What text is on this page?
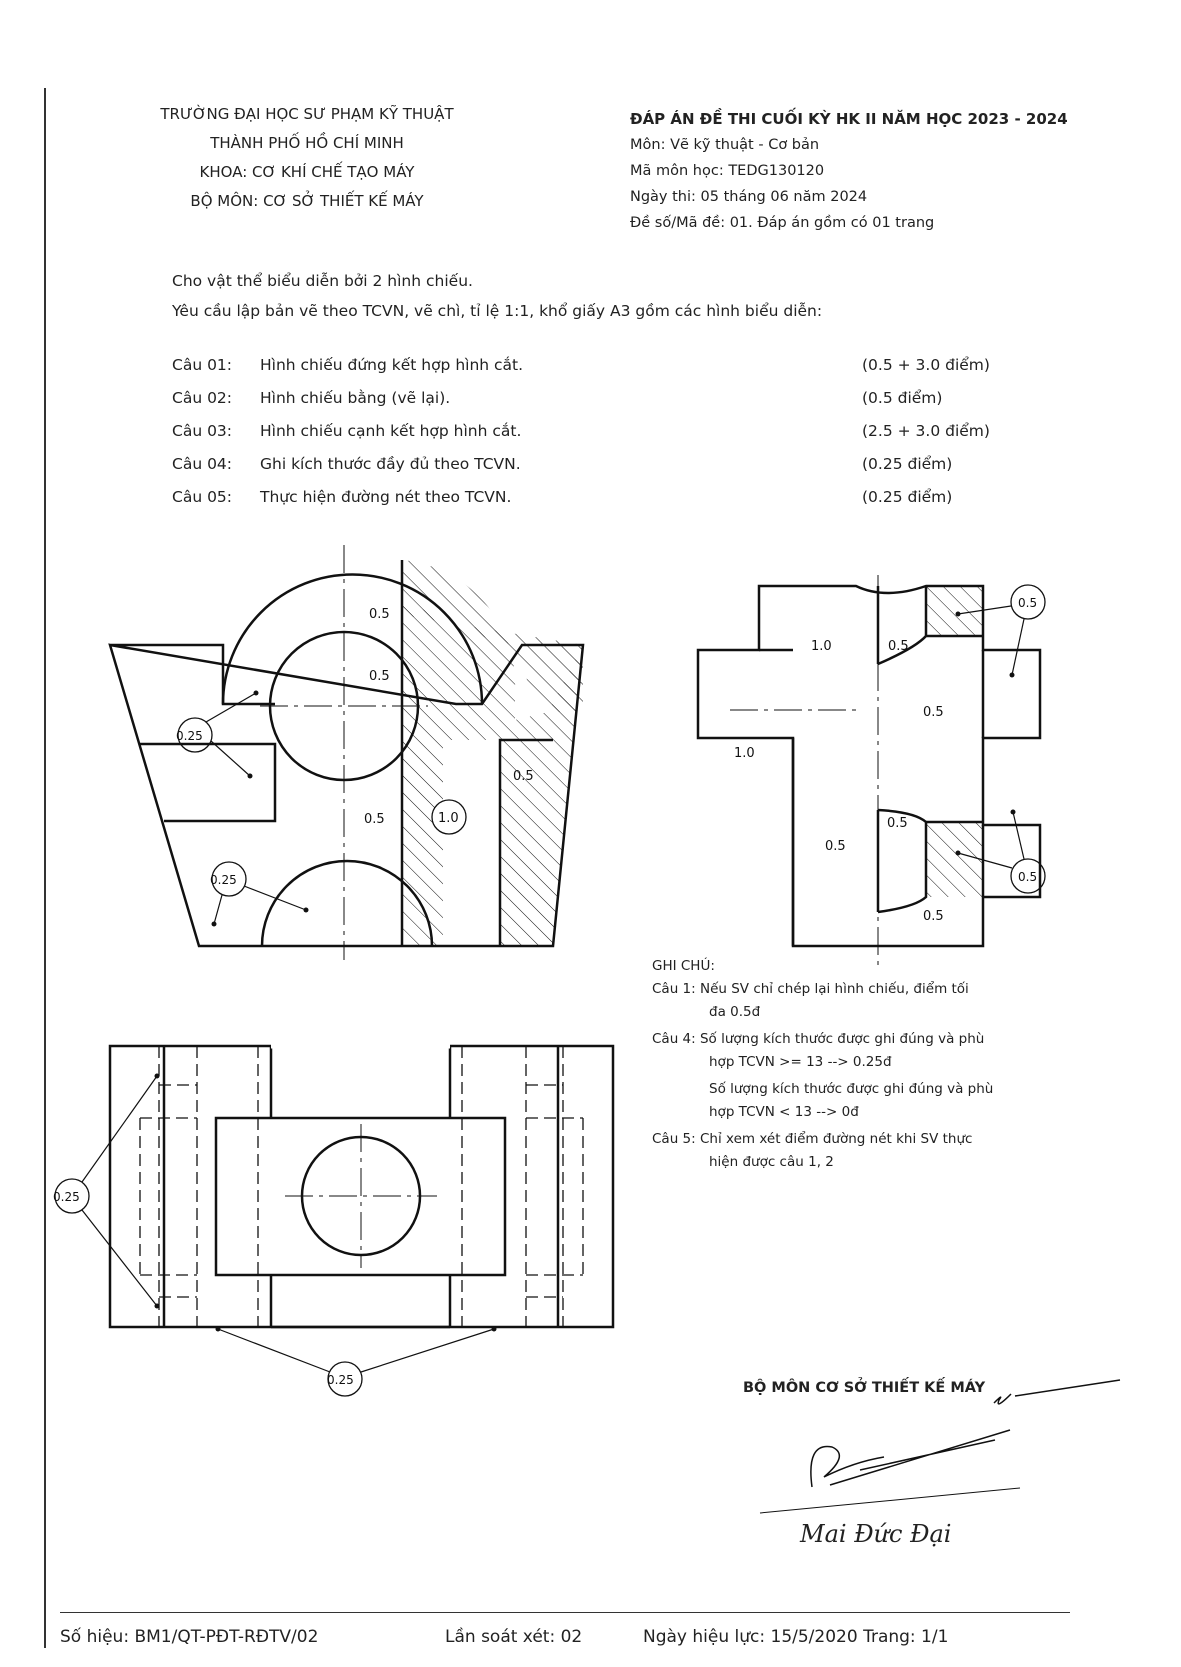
TRƯỜNG ĐẠI HỌC SƯ PHẠM KỸ THUẬT
THÀNH PHỐ HỒ CHÍ MINH
KHOA: CƠ KHÍ CHẾ TẠO MÁY
BỘ MÔN: CƠ SỞ THIẾT KẾ MÁY
ĐÁP ÁN ĐỀ THI CUỐI KỲ HK II NĂM HỌC 2023 - 2024
Môn: Vẽ kỹ thuật - Cơ bản
Mã môn học: TEDG130120
Ngày thi: 05 tháng 06 năm 2024
Đề số/Mã đề: 01. Đáp án gồm có 01 trang
Cho vật thể biểu diễn bởi 2 hình chiếu.
Yêu cầu lập bản vẽ theo TCVN, vẽ chì, tỉ lệ 1:1, khổ giấy A3 gồm các hình biểu diễn:
Câu 01: Hình chiếu đứng kết hợp hình cắt.	(0.5 + 3.0 điểm)
Câu 02: Hình chiếu bằng (vẽ lại).	(0.5 điểm)
Câu 03: Hình chiếu cạnh kết hợp hình cắt.	(2.5 + 3.0 điểm)
Câu 04: Ghi kích thước đầy đủ theo TCVN.	(0.25 điểm)
Câu 05: Thực hiện đường nét theo TCVN.	(0.25 điểm)
0.5
0.5
0.5
0.5
1.0
0.25
0.25
1.0	0.5
0.5
1.0
0.5
0.5
0.5
0.5
0.5
0.25
0.25
GHI CHÚ:
Câu 1: Nếu SV chỉ chép lại hình chiếu, điểm tối
đa 0.5đ
Câu 4: Số lượng kích thước được ghi đúng và phù
hợp TCVN >= 13 --> 0.25đ
Số lượng kích thước được ghi đúng và phù
hợp TCVN < 13 --> 0đ
Câu 5: Chỉ xem xét điểm đường nét khi SV thực
hiện được câu 1, 2
BỘ MÔN CƠ SỞ THIẾT KẾ MÁY
Mai Đức Đại
Số hiệu: BM1/QT-PĐT-RĐTV/02	Lần soát xét: 02	Ngày hiệu lực: 15/5/2020 Trang: 1/1
